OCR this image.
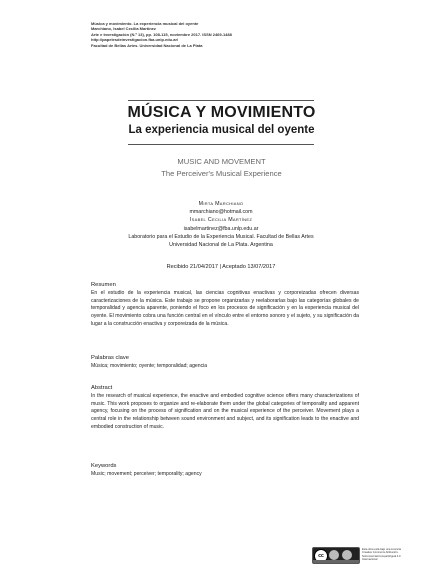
Música y movimiento. La experiencia musical del oyente
Marchiano, Isabel Cecilia Martínez
Arte e Investigación (N.º 13), pp. 108-115, noviembre 2017. ISSN 2469-1488
http://papelesdeinvestigacion.fba.unlp.edu.ar/
Facultad de Bellas Artes. Universidad Nacional de La Plata
MÚSICA Y MOVIMIENTO
La experiencia musical del oyente
MUSIC AND MOVEMENT
The Perceiver's Musical Experience
Mirta Marchiano
mmarchiano@hotmail.com
Isabel Cecilia Martínez
isabelmartinez@fba.unlp.edu.ar
Laboratorio para el Estudio de la Experiencia Musical. Facultad de Bellas Artes
Universidad Nacional de La Plata. Argentina
Recibido 21/04/2017 | Aceptado 13/07/2017
Resumen
En el estudio de la experiencia musical, las ciencias cognitivas enactivas y corporeizadas ofrecen diversas caracterizaciones de la música. Este trabajo se propone organizarlas y reelaborarlas bajo las categorías globales de temporalidad y agencia aparente, poniendo el foco en los procesos de significación y en la experiencia musical del oyente. El movimiento cobra una función central en el vínculo entre el entorno sonoro y el sujeto, y su significación da lugar a la construcción enactiva y corporeizada de la música.
Palabras clave
Música; movimiento; oyente; temporalidad; agencia
Abstract
In the research of musical experience, the enactive and embodied cognitive science offers many characterizations of music. This work proposes to organize and re-elaborate them under the global categories of temporality and apparent agency, focusing on the process of signification and on the musical experience of the perceiver. Movement plays a central role in the relationship between sound environment and subject, and its signification leads to the enactive and embodied construction of music.
Keywords
Music; movement; perceiver; temporality; agency
cc
Esta obra está bajo una Licencia
Creative Commons Atribución-
NoComercial-CompartirIgual 4.0
Internacional
